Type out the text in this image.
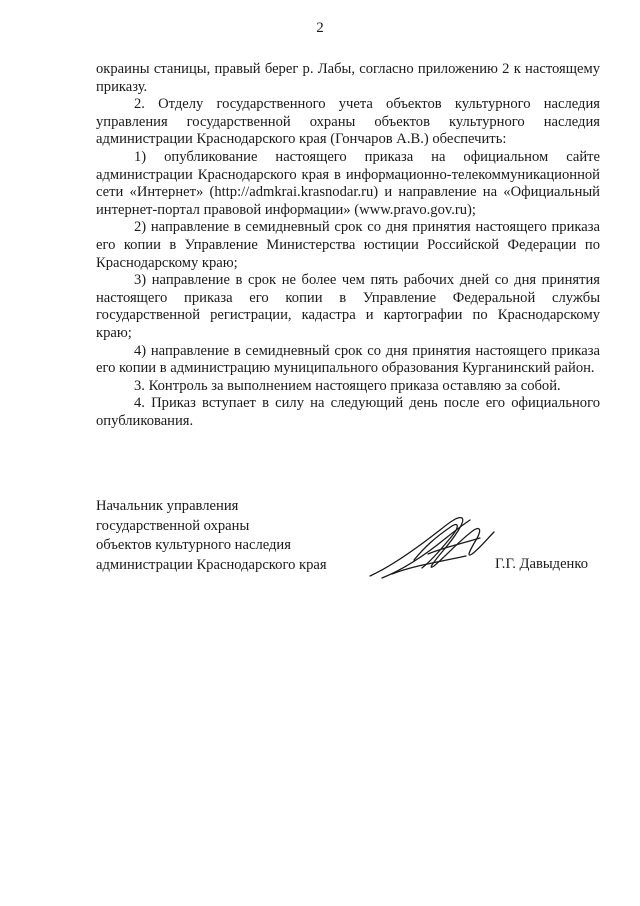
2

окраины станицы, правый берег р. Лабы, согласно приложению 2 к настоящему приказу.

2. Отделу государственного учета объектов культурного наследия управления государственной охраны объектов культурного наследия администрации Краснодарского края (Гончаров А.В.) обеспечить:

1) опубликование настоящего приказа на официальном сайте администрации Краснодарского края в информационно-телекоммуникационной сети «Интернет» (http://admkrai.krasnodar.ru) и направление на «Официальный интернет-портал правовой информации» (www.pravo.gov.ru);

2) направление в семидневный срок со дня принятия настоящего приказа его копии в Управление Министерства юстиции Российской Федерации по Краснодарскому краю;

3) направление в срок не более чем пять рабочих дней со дня принятия настоящего приказа его копии в Управление Федеральной службы государственной регистрации, кадастра и картографии по Краснодарскому краю;

4) направление в семидневный срок со дня принятия настоящего приказа его копии в администрацию муниципального образования Курганинский район.

3. Контроль за выполнением настоящего приказа оставляю за собой.

4. Приказ вступает в силу на следующий день после его официального опубликования.

Начальник управления
государственной охраны
объектов культурного наследия
администрации Краснодарского края	Г.Г. Давыденко
